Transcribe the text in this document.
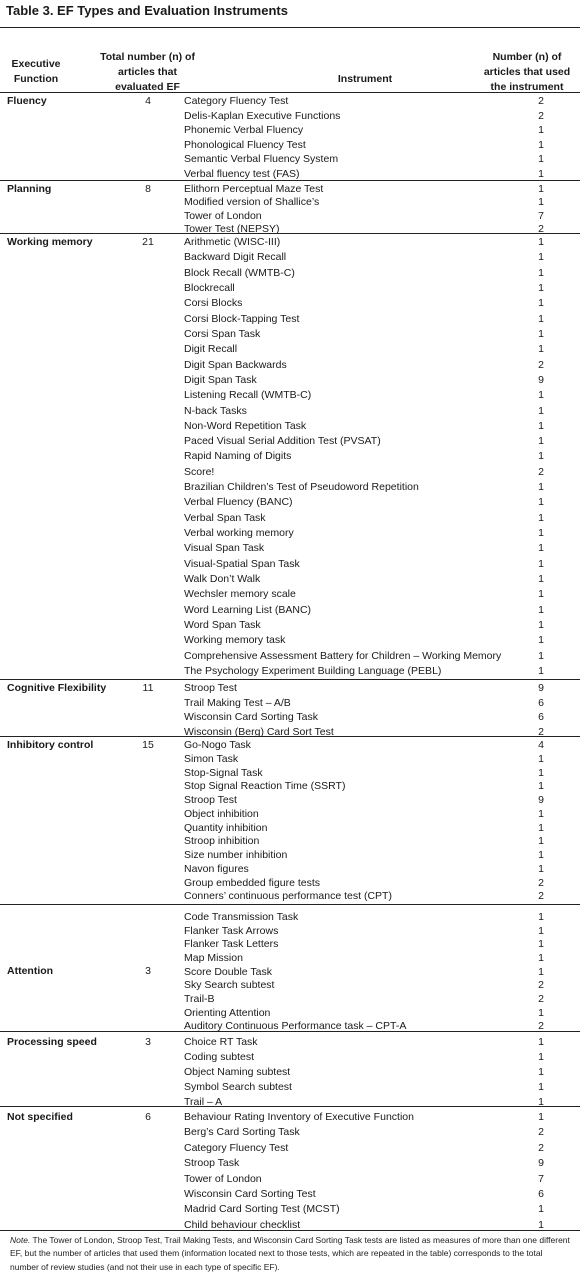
Table 3. EF Types and Evaluation Instruments
Executive Function
Total number (n) of articles that evaluated EF
Instrument
Number (n) of articles that used the instrument
Fluency	4	Category Fluency Test	2
Delis-Kaplan Executive Functions	2
Phonemic Verbal Fluency	1
Phonological Fluency Test	1
Semantic Verbal Fluency System	1
Verbal fluency test (FAS)	1
Planning	8	Elithorn Perceptual Maze Test	1
Modified version of Shallice’s	1
Tower of London	7
Tower Test (NEPSY)	2
Working memory	21	Arithmetic (WISC-III)	1
Backward Digit Recall	1
Block Recall (WMTB-C)	1
Blockrecall	1
Corsi Blocks	1
Corsi Block-Tapping Test	1
Corsi Span Task	1
Digit Recall	1
Digit Span Backwards	2
Digit Span Task	9
Listening Recall (WMTB-C)	1
N-back Tasks	1
Non-Word Repetition Task	1
Paced Visual Serial Addition Test (PVSAT)	1
Rapid Naming of Digits	1
Score!	2
Brazilian Children’s Test of Pseudoword Repetition	1
Verbal Fluency (BANC)	1
Verbal Span Task	1
Verbal working memory	1
Visual Span Task	1
Visual-Spatial Span Task	1
Walk Don’t Walk	1
Wechsler memory scale	1
Word Learning List (BANC)	1
Word Span Task	1
Working memory task	1
Comprehensive Assessment Battery for Children – Working Memory	1
The Psychology Experiment Building Language (PEBL)	1
Cognitive Flexibility	11	Stroop Test	9
Trail Making Test – A/B	6
Wisconsin Card Sorting Task	6
Wisconsin (Berg) Card Sort Test	2
Inhibitory control	15	Go-Nogo Task	4
Simon Task	1
Stop-Signal Task	1
Stop Signal Reaction Time (SSRT)	1
Stroop Test	9
Object inhibition	1
Quantity inhibition	1
Stroop inhibition	1
Size number inhibition	1
Navon figures	1
Group embedded figure tests	2
Conners’ continuous performance test (CPT)	2
Attention	3
Code Transmission Task	1
Flanker Task Arrows	1
Flanker Task Letters	1
Map Mission	1
Score Double Task	1
Sky Search subtest	2
Trail-B	2
Orienting Attention	1
Auditory Continuous Performance task – CPT-A	2
Processing speed	3	Choice RT Task	1
Coding subtest	1
Object Naming subtest	1
Symbol Search subtest	1
Trail – A	1
Not specified	6	Behaviour Rating Inventory of Executive Function	1
Berg’s Card Sorting Task	2
Category Fluency Test	2
Stroop Task	9
Tower of London	7
Wisconsin Card Sorting Test	6
Madrid Card Sorting Test (MCST)	1
Child behaviour checklist	1
Note. The Tower of London, Stroop Test, Trail Making Tests, and Wisconsin Card Sorting Task tests are listed as measures of more than one different EF, but the number of articles that used them (information located next to those tests, which are repeated in the table) corresponds to the total number of review studies (and not their use in each type of specific EF).
